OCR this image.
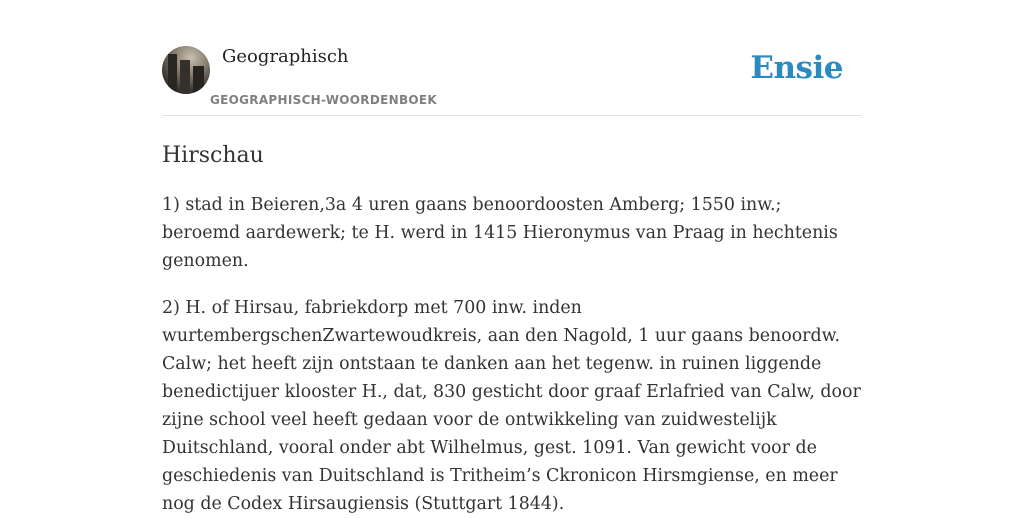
Geographisch
GEOGRAPHISCH-WOORDENBOEK
Ensie
Hirschau

1) stad in Beieren,3a 4 uren gaans benoordoosten Amberg; 1550 inw.; beroemd aardewerk; te H. werd in 1415 Hieronymus van Praag in hechtenis genomen.

2) H. of Hirsau, fabriekdorp met 700 inw. inden wurtembergschenZwartewoudkreis, aan den Nagold, 1 uur gaans benoordw. Calw; het heeft zijn ontstaan te danken aan het tegenw. in ruinen liggende benedictijuer klooster H., dat, 830 gesticht door graaf Erlafried van Calw, door zijne school veel heeft gedaan voor de ontwikkeling van zuidwestelijk Duitschland, vooral onder abt Wilhelmus, gest. 1091. Van gewicht voor de geschiedenis van Duitschland is Tritheim’s Ckronicon Hirsmgiense, en meer nog de Codex Hirsaugiensis (Stuttgart 1844).
